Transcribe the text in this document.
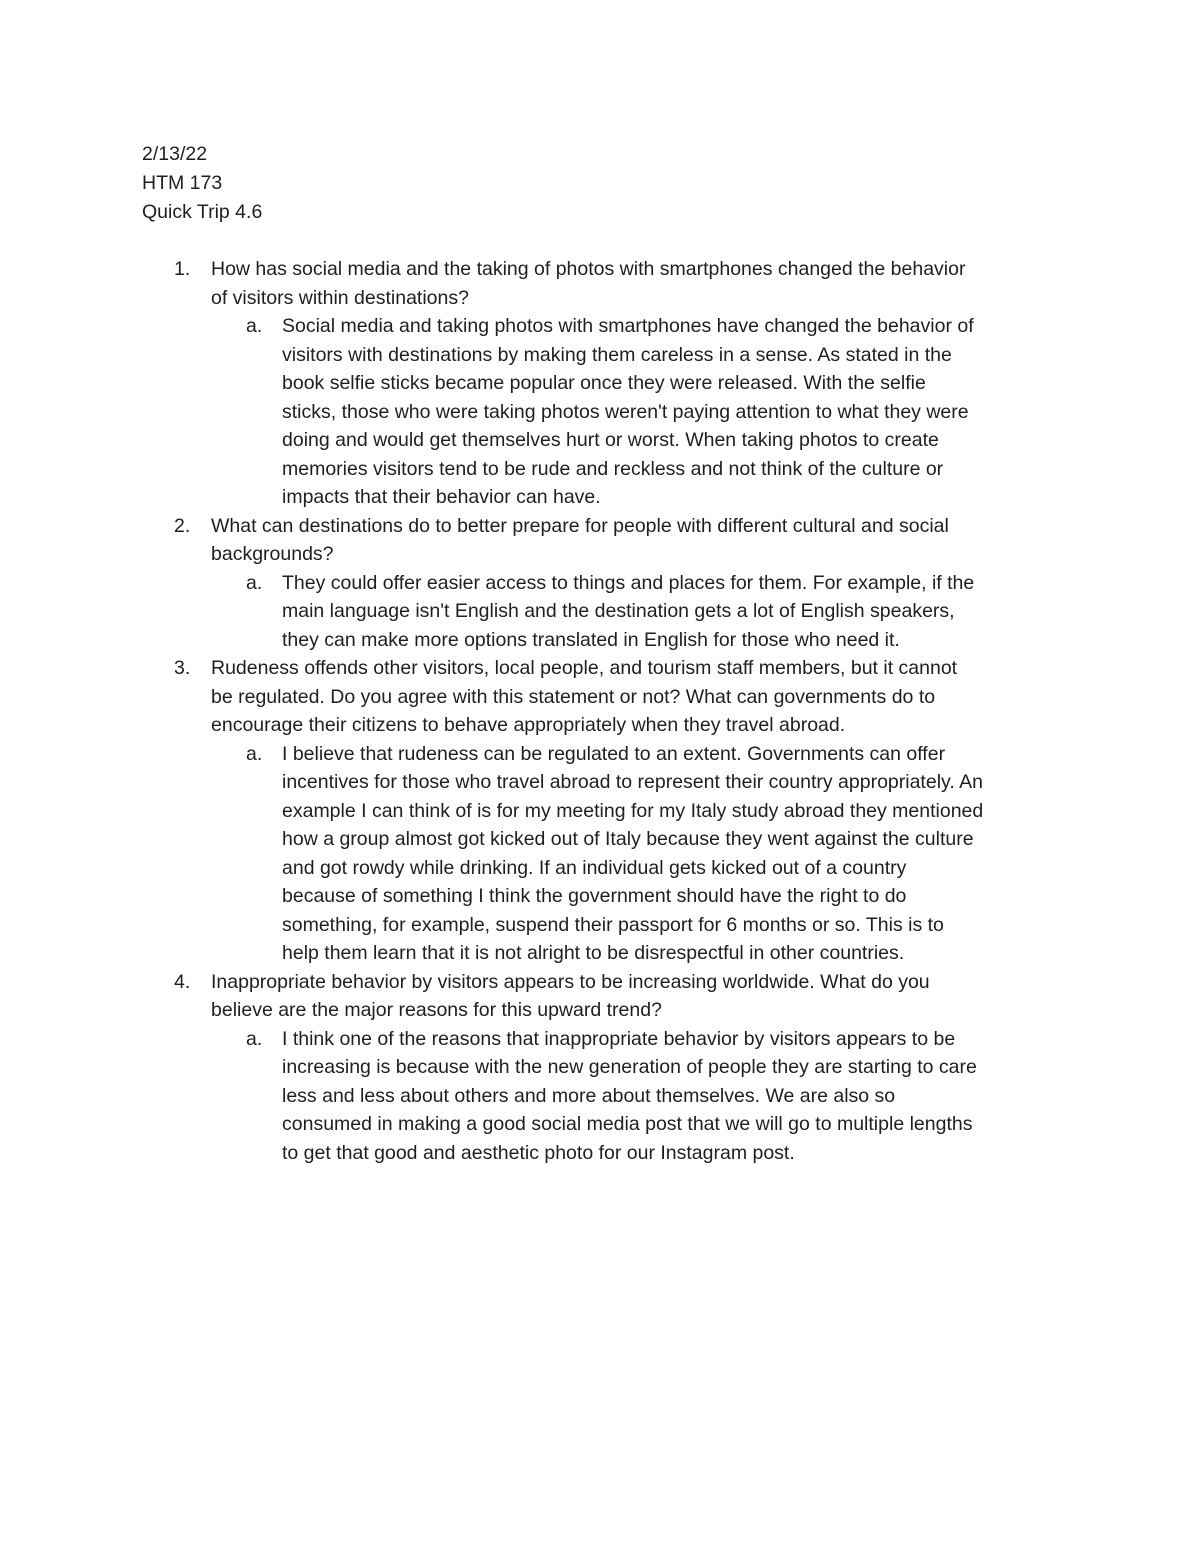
2/13/22
HTM 173
Quick Trip 4.6
1. How has social media and the taking of photos with smartphones changed the behavior
of visitors within destinations?
a. Social media and taking photos with smartphones have changed the behavior of
visitors with destinations by making them careless in a sense. As stated in the
book selfie sticks became popular once they were released. With the selfie
sticks, those who were taking photos weren't paying attention to what they were
doing and would get themselves hurt or worst. When taking photos to create
memories visitors tend to be rude and reckless and not think of the culture or
impacts that their behavior can have.
2. What can destinations do to better prepare for people with different cultural and social
backgrounds?
a. They could offer easier access to things and places for them. For example, if the
main language isn't English and the destination gets a lot of English speakers,
they can make more options translated in English for those who need it.
3. Rudeness offends other visitors, local people, and tourism staff members, but it cannot
be regulated. Do you agree with this statement or not? What can governments do to
encourage their citizens to behave appropriately when they travel abroad.
a. I believe that rudeness can be regulated to an extent. Governments can offer
incentives for those who travel abroad to represent their country appropriately. An
example I can think of is for my meeting for my Italy study abroad they mentioned
how a group almost got kicked out of Italy because they went against the culture
and got rowdy while drinking. If an individual gets kicked out of a country
because of something I think the government should have the right to do
something, for example, suspend their passport for 6 months or so. This is to
help them learn that it is not alright to be disrespectful in other countries.
4. Inappropriate behavior by visitors appears to be increasing worldwide. What do you
believe are the major reasons for this upward trend?
a. I think one of the reasons that inappropriate behavior by visitors appears to be
increasing is because with the new generation of people they are starting to care
less and less about others and more about themselves. We are also so
consumed in making a good social media post that we will go to multiple lengths
to get that good and aesthetic photo for our Instagram post.
